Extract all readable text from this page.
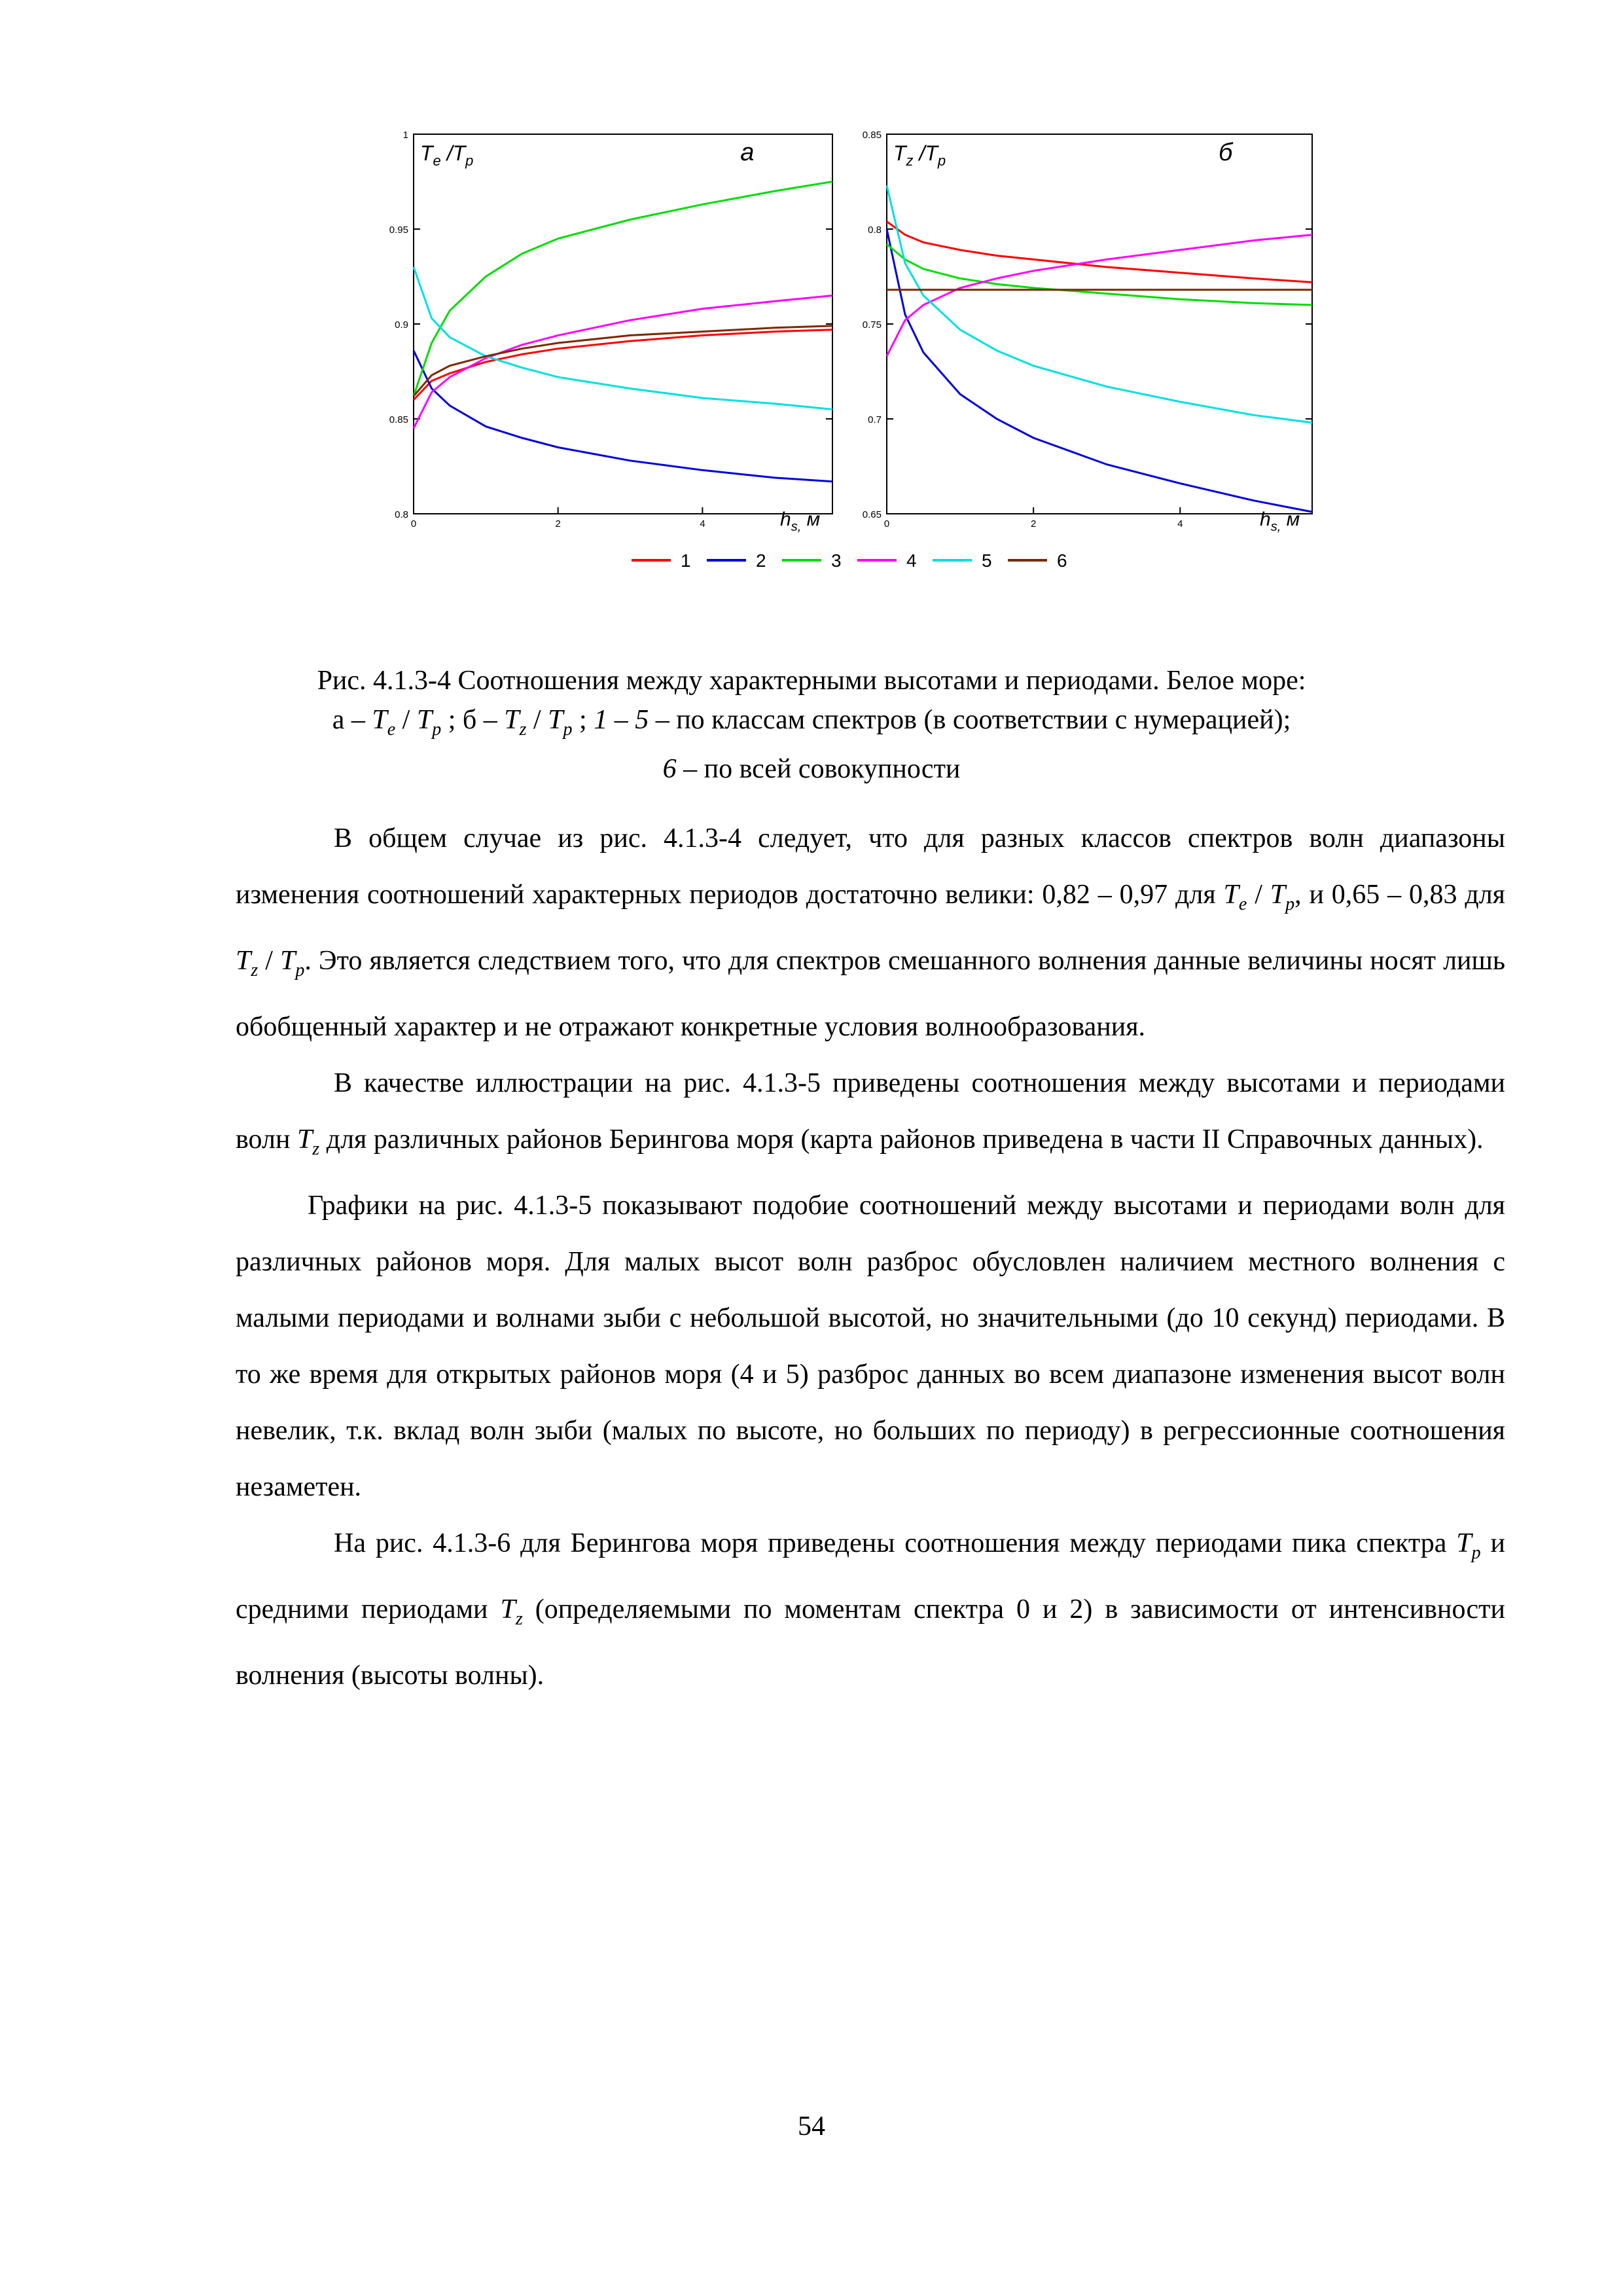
0.8
0.85
0.9
0.95
1
0	2	4
$T_e$ $/T_p$	a
$h_{s,}$ м	0.65
0.7
0.75
0.8
0.85
0	2	4
$T_z$ $/T_p$	б
$h_{s,}$ м
1	2	3	4	5	6
Рис. 4.1.3-4 Соотношения между характерными высотами и периодами. Белое море:
а – $T_e / T_p$ ; б – $T_z / T_p$ ; 1 – 5 – по классам спектров (в соответствии с нумерацией);
6 – по всей совокупности

В общем случае из рис. 4.1.3-4 следует, что для разных классов спектров волн диапазоны изменения соотношений характерных периодов достаточно велики: 0,82 – 0,97 для $T_e / T_p$, и 0,65 – 0,83 для $T_z / T_p$. Это является следствием того, что для спектров смешанного волнения данные величины носят лишь обобщенный характер и не отражают конкретные условия волнообразования.

В качестве иллюстрации на рис. 4.1.3-5 приведены соотношения между высотами и периодами волн $T_z$ для различных районов Берингова моря (карта районов приведена в части II Справочных данных).

Графики на рис. 4.1.3-5 показывают подобие соотношений между высотами и периодами волн для различных районов моря. Для малых высот волн разброс обусловлен наличием местного волнения с малыми периодами и волнами зыби с небольшой высотой, но значительными (до 10 секунд) периодами. В то же время для открытых районов моря (4 и 5) разброс данных во всем диапазоне изменения высот волн невелик, т.к. вклад волн зыби (малых по высоте, но больших по периоду) в регрессионные соотношения незаметен.

На рис. 4.1.3-6 для Берингова моря приведены соотношения между периодами пика спектра $T_p$ и средними периодами $T_z$ (определяемыми по моментам спектра 0 и 2) в зависимости от интенсивности волнения (высоты волны).

54
